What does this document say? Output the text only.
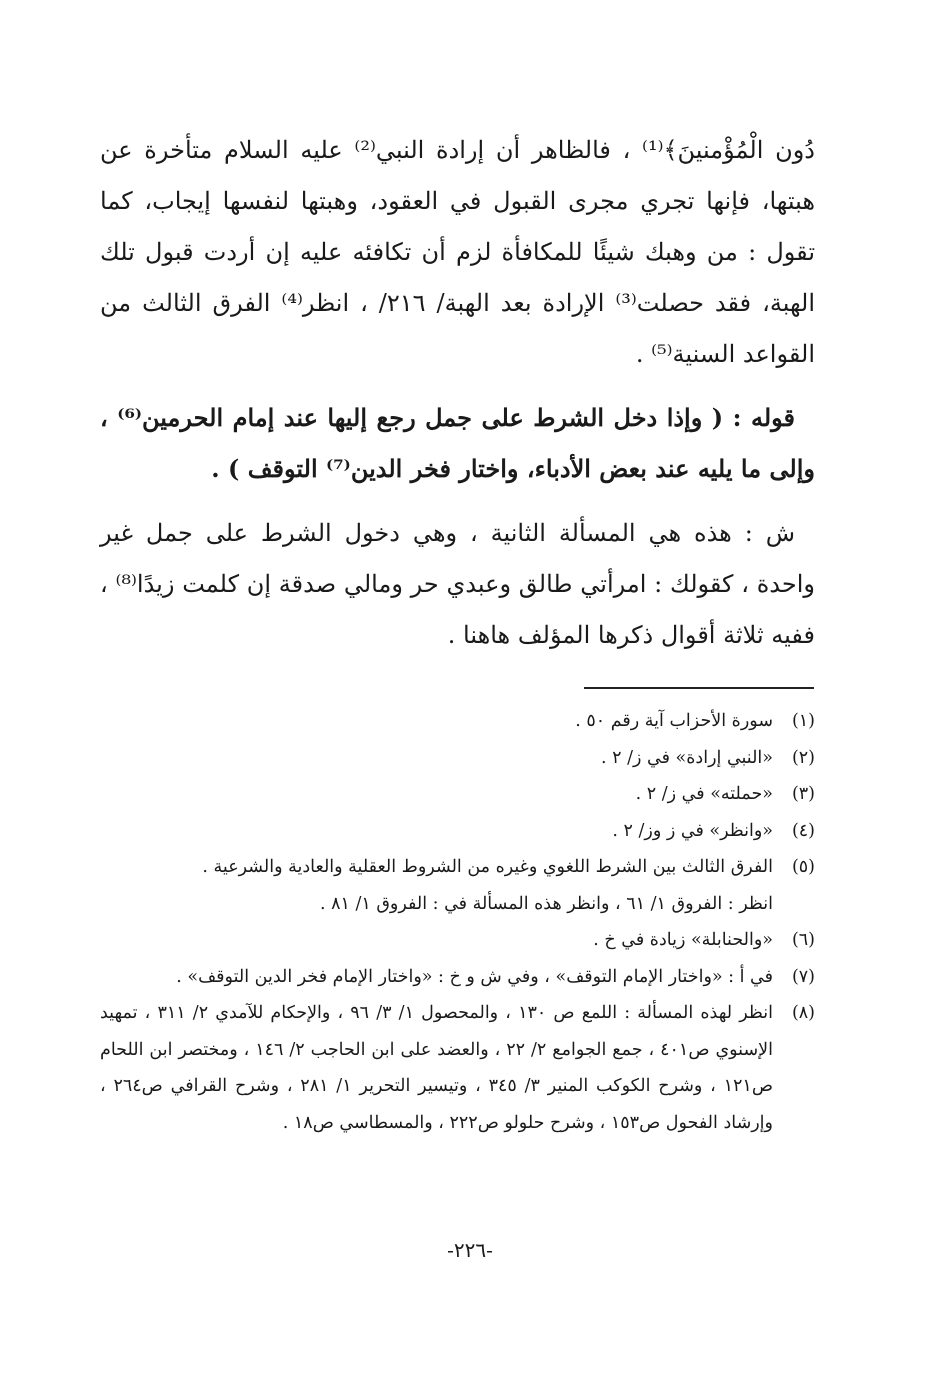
دُون الْمُؤْمنينَ﴾⁽¹⁾ ، فالظاهر أن إرادة النبي⁽²⁾ عليه السلام متأخرة عن هبتها، فإنها تجري مجرى القبول في العقود، وهبتها لنفسها إيجاب، كما تقول : من وهبك شيئًا للمكافأة لزم أن تكافئه عليه إن أردت قبول تلك الهبة، فقد حصلت⁽³⁾ الإرادة بعد الهبة/ ٢١٦/ ، انظر⁽⁴⁾ الفرق الثالث من القواعد السنية⁽⁵⁾ .

قوله : ( وإذا دخل الشرط على جمل رجع إليها عند إمام الحرمين⁽⁶⁾ ، وإلى ما يليه عند بعض الأدباء، واختار فخر الدين⁽⁷⁾ التوقف ) .

ش : هذه هي المسألة الثانية ، وهي دخول الشرط على جمل غير واحدة ، كقولك : امرأتي طالق وعبدي حر ومالي صدقة إن كلمت زيدًا⁽⁸⁾ ، ففيه ثلاثة أقوال ذكرها المؤلف هاهنا .

(١)
سورة الأحزاب آية رقم ٥٠ .
(٢)
«النبي إرادة» في ز/ ٢ .
(٣)
«حملته» في ز/ ٢ .
(٤)
«وانظر» في ز وز/ ٢ .
(٥)
الفرق الثالث بين الشرط اللغوي وغيره من الشروط العقلية والعادية والشرعية .
انظر : الفروق ١/ ٦١ ، وانظر هذه المسألة في : الفروق ١/ ٨١ .
(٦)
«والحنابلة» زيادة في خ .
(٧)
في أ : «واختار الإمام التوقف» ، وفي ش و خ : «واختار الإمام فخر الدين التوقف» .
(٨)
انظر لهذه المسألة : اللمع ص ١٣٠ ، والمحصول ١/ ٣/ ٩٦ ، والإحكام للآمدي ٢/ ٣١١ ، تمهيد الإسنوي ص٤٠١ ، جمع الجوامع ٢/ ٢٢ ، والعضد على ابن الحاجب ٢/ ١٤٦ ، ومختصر ابن اللحام ص١٢١ ، وشرح الكوكب المنير ٣/ ٣٤٥ ، وتيسير التحرير ١/ ٢٨١ ، وشرح القرافي ص٢٦٤ ، وإرشاد الفحول ص١٥٣ ، وشرح حلولو ص٢٢٢ ، والمسطاسي ص١٨ .
-٢٢٦-
